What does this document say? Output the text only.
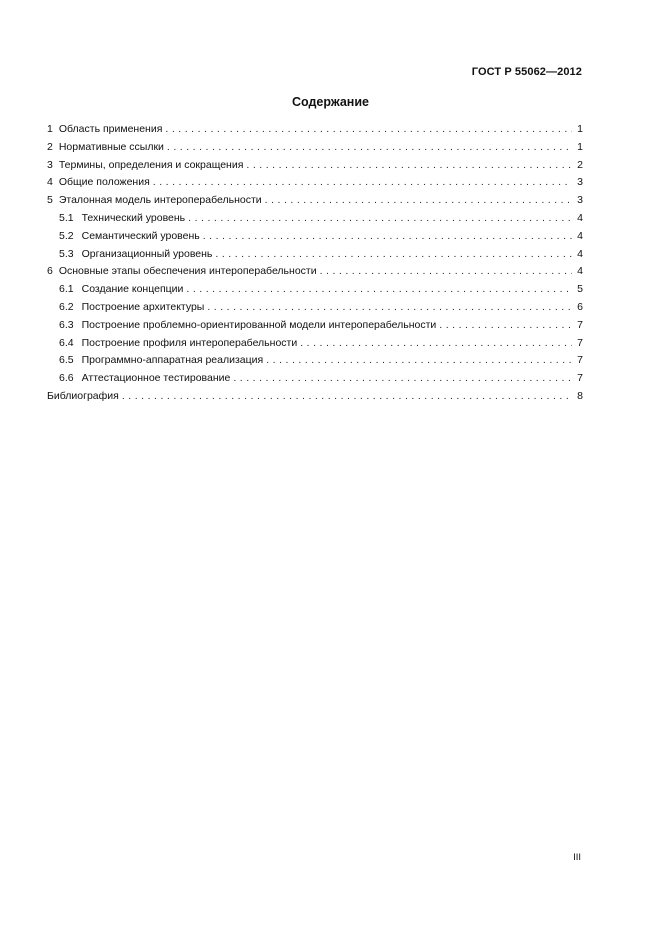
ГОСТ Р 55062—2012
Содержание
1 Область применения . . .	1
2 Нормативные ссылки . . .	1
3 Термины, определения и сокращения . . .	2
4 Общие положения . . .	3
5 Эталонная модель интероперабельности . . .	3
5.1 Технический уровень . . .	4
5.2 Семантический уровень . . .	4
5.3 Организационный уровень . . .	4
6 Основные этапы обеспечения интероперабельности . . .	4
6.1 Создание концепции . . .	5
6.2 Построение архитектуры . . .	6
6.3 Построение проблемно-ориентированной модели интероперабельности . . .	7
6.4 Построение профиля интероперабельности . . .	7
6.5 Программно-аппаратная реализация . . .	7
6.6 Аттестационное тестирование . . .	7
Библиография . . .	8
III
